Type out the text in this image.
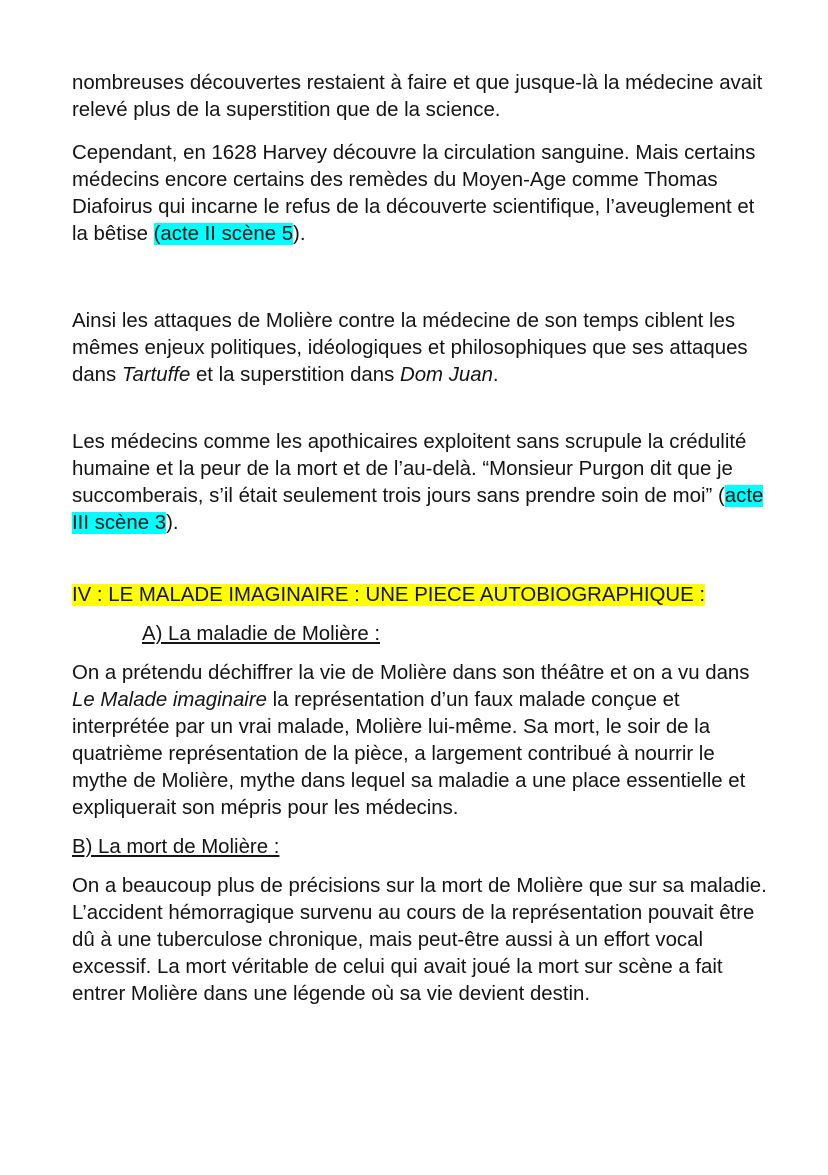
nombreuses découvertes restaient à faire et que jusque-là la médecine avait relevé plus de la superstition que de la science.

Cependant, en 1628 Harvey découvre la circulation sanguine. Mais certains médecins encore certains des remèdes du Moyen-Age comme Thomas Diafoirus qui incarne le refus de la découverte scientifique, l’aveuglement et la bêtise (acte II scène 5).

Ainsi les attaques de Molière contre la médecine de son temps ciblent les mêmes enjeux politiques, idéologiques et philosophiques que ses attaques dans Tartuffe et la superstition dans Dom Juan.

Les médecins comme les apothicaires exploitent sans scrupule la crédulité humaine et la peur de la mort et de l’au-delà. “Monsieur Purgon dit que je succomberais, s’il était seulement trois jours sans prendre soin de moi” (acte III scène 3).

IV : LE MALADE IMAGINAIRE : UNE PIECE AUTOBIOGRAPHIQUE :

A) La maladie de Molière :

On a prétendu déchiffrer la vie de Molière dans son théâtre et on a vu dans Le Malade imaginaire la représentation d’un faux malade conçue et interprétée par un vrai malade, Molière lui-même. Sa mort, le soir de la quatrième représentation de la pièce, a largement contribué à nourrir le mythe de Molière, mythe dans lequel sa maladie a une place essentielle et expliquerait son mépris pour les médecins.

B) La mort de Molière :

On a beaucoup plus de précisions sur la mort de Molière que sur sa maladie. L’accident hémorragique survenu au cours de la représentation pouvait être dû à une tuberculose chronique, mais peut-être aussi à un effort vocal excessif. La mort véritable de celui qui avait joué la mort sur scène a fait entrer Molière dans une légende où sa vie devient destin.
